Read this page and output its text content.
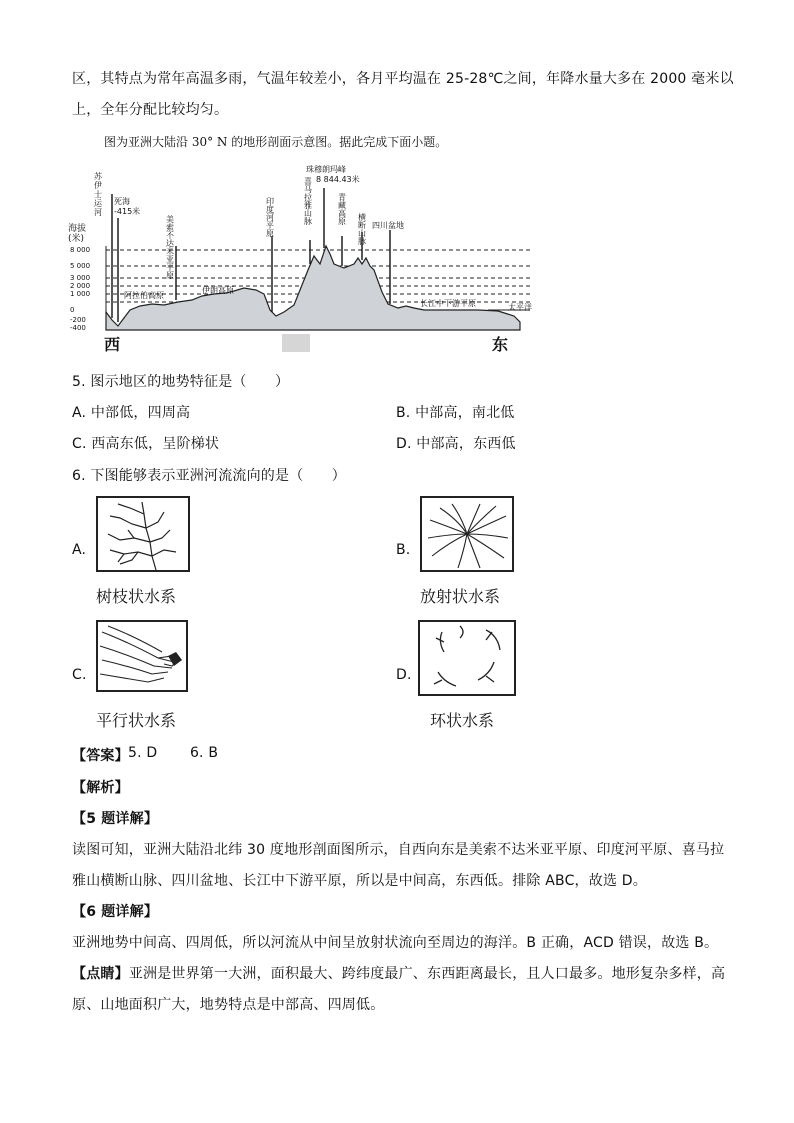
区，其特点为常年高温多雨，气温年较差小，各月平均温在 25-28℃之间，年降水量大多在 2000 毫米以
上，全年分配比较均匀。
图为亚洲大陆沿 30° N 的地形剖面示意图。据此完成下面小题。
海拔(米)
8 000
5 000
3 000
2 000
1 000
0
-200
-400
苏伊士运河
死海
-415米
美索不达米亚平原
阿拉伯高原
伊朗高原
印度河平原
珠穆朗玛峰
8 844.43米
喜马拉雅山脉
青藏高原 横断山脉
四川盆地
长江中下游平原	太平洋
西	东
5. 图示地区的地势特征是（　　）
A. 中部低，四周高	B. 中部高，南北低
C. 西高东低，呈阶梯状	D. 中部高，东西低
6. 下图能够表示亚洲河流流向的是（　　）
A.
树枝状水系
B.
放射状水系
C.
平行状水系
D.
环状水系
【答案】 5. D       6. B
【解析】
【5 题详解】
读图可知，亚洲大陆沿北纬 30 度地形剖面图所示，自西向东是美索不达米亚平原、印度河平原、喜马拉
雅山横断山脉、四川盆地、长江中下游平原，所以是中间高，东西低。排除 ABC，故选 D。
【6 题详解】
亚洲地势中间高、四周低，所以河流从中间呈放射状流向至周边的海洋。B 正确，ACD 错误，故选 B。
【点睛】亚洲是世界第一大洲，面积最大、跨纬度最广、东西距离最长，且人口最多。地形复杂多样，高
原、山地面积广大，地势特点是中部高、四周低。
